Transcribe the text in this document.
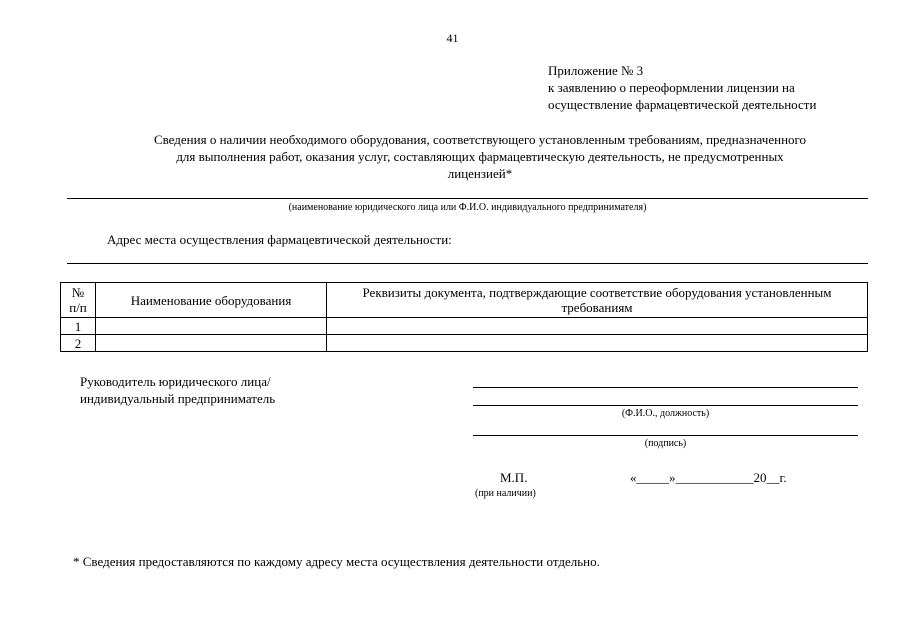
41
Приложение № 3
к заявлению о переоформлении лицензии на
осуществление фармацевтической деятельности
Сведения о наличии необходимого оборудования, соответствующего установленным требованиям, предназначенного
для выполнения работ, оказания услуг, составляющих фармацевтическую деятельность, не предусмотренных
лицензией*
(наименование юридического лица или Ф.И.О. индивидуального предпринимателя)
Адрес места осуществления фармацевтической деятельности:
№ п/п	Наименование оборудования	Реквизиты документа, подтверждающие соответствие оборудования установленным требованиям
1		
2		
Руководитель юридического лица/
индивидуальный предприниматель
(Ф.И.О., должность)
(подпись)
М.П.
(при наличии)
«_____»____________20__г.
* Сведения предоставляются по каждому адресу места осуществления деятельности отдельно.
